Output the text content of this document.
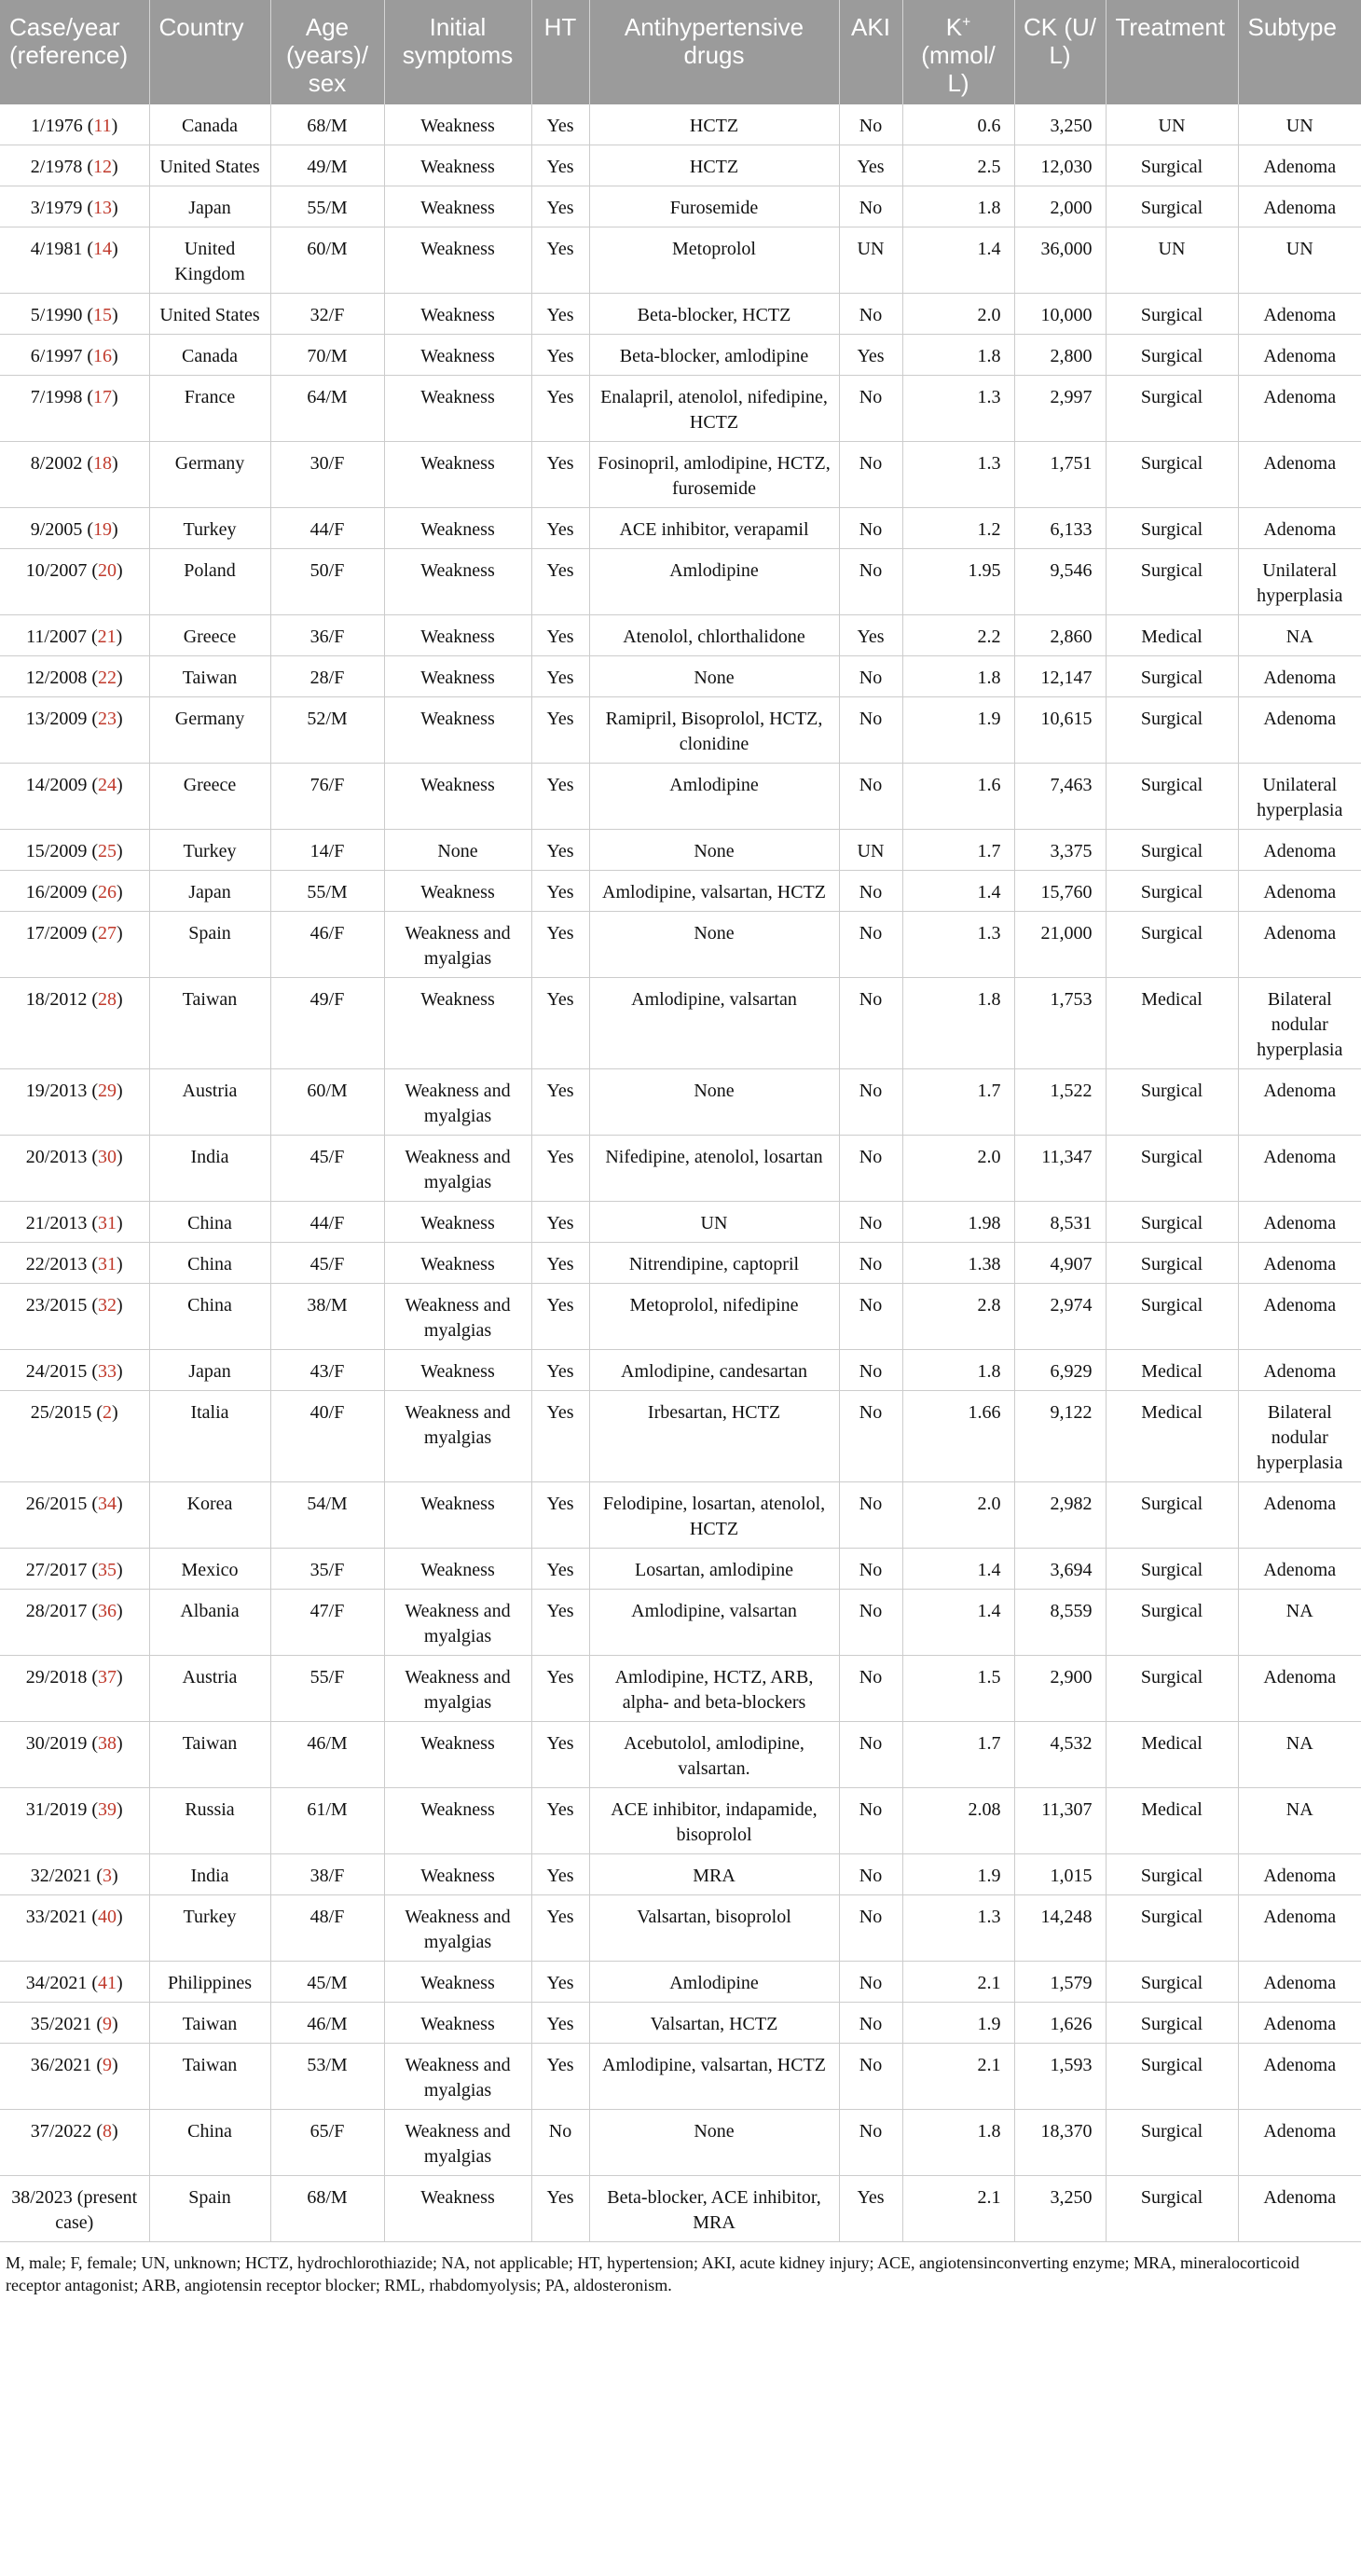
Case/year (reference)	Country	Age (years)/ sex	Initial symptoms	HT	Antihypertensive drugs	AKI	K+ (mmol/ L)	CK (U/ L)	Treatment	Subtype
1/1976 (11)	Canada	68/M	Weakness	Yes	HCTZ	No	0.6	3,250	UN	UN
2/1978 (12)	United States	49/M	Weakness	Yes	HCTZ	Yes	2.5	12,030	Surgical	Adenoma
3/1979 (13)	Japan	55/M	Weakness	Yes	Furosemide	No	1.8	2,000	Surgical	Adenoma
4/1981 (14)	United Kingdom	60/M	Weakness	Yes	Metoprolol	UN	1.4	36,000	UN	UN
5/1990 (15)	United States	32/F	Weakness	Yes	Beta-blocker, HCTZ	No	2.0	10,000	Surgical	Adenoma
6/1997 (16)	Canada	70/M	Weakness	Yes	Beta-blocker, amlodipine	Yes	1.8	2,800	Surgical	Adenoma
7/1998 (17)	France	64/M	Weakness	Yes	Enalapril, atenolol, nifedipine, HCTZ	No	1.3	2,997	Surgical	Adenoma
8/2002 (18)	Germany	30/F	Weakness	Yes	Fosinopril, amlodipine, HCTZ, furosemide	No	1.3	1,751	Surgical	Adenoma
9/2005 (19)	Turkey	44/F	Weakness	Yes	ACE inhibitor, verapamil	No	1.2	6,133	Surgical	Adenoma
10/2007 (20)	Poland	50/F	Weakness	Yes	Amlodipine	No	1.95	9,546	Surgical	Unilateral hyperplasia
11/2007 (21)	Greece	36/F	Weakness	Yes	Atenolol, chlorthalidone	Yes	2.2	2,860	Medical	NA
12/2008 (22)	Taiwan	28/F	Weakness	Yes	None	No	1.8	12,147	Surgical	Adenoma
13/2009 (23)	Germany	52/M	Weakness	Yes	Ramipril, Bisoprolol, HCTZ, clonidine	No	1.9	10,615	Surgical	Adenoma
14/2009 (24)	Greece	76/F	Weakness	Yes	Amlodipine	No	1.6	7,463	Surgical	Unilateral hyperplasia
15/2009 (25)	Turkey	14/F	None	Yes	None	UN	1.7	3,375	Surgical	Adenoma
16/2009 (26)	Japan	55/M	Weakness	Yes	Amlodipine, valsartan, HCTZ	No	1.4	15,760	Surgical	Adenoma
17/2009 (27)	Spain	46/F	Weakness and myalgias	Yes	None	No	1.3	21,000	Surgical	Adenoma
18/2012 (28)	Taiwan	49/F	Weakness	Yes	Amlodipine, valsartan	No	1.8	1,753	Medical	Bilateral nodular hyperplasia
19/2013 (29)	Austria	60/M	Weakness and myalgias	Yes	None	No	1.7	1,522	Surgical	Adenoma
20/2013 (30)	India	45/F	Weakness and myalgias	Yes	Nifedipine, atenolol, losartan	No	2.0	11,347	Surgical	Adenoma
21/2013 (31)	China	44/F	Weakness	Yes	UN	No	1.98	8,531	Surgical	Adenoma
22/2013 (31)	China	45/F	Weakness	Yes	Nitrendipine, captopril	No	1.38	4,907	Surgical	Adenoma
23/2015 (32)	China	38/M	Weakness and myalgias	Yes	Metoprolol, nifedipine	No	2.8	2,974	Surgical	Adenoma
24/2015 (33)	Japan	43/F	Weakness	Yes	Amlodipine, candesartan	No	1.8	6,929	Medical	Adenoma
25/2015 (2)	Italia	40/F	Weakness and myalgias	Yes	Irbesartan, HCTZ	No	1.66	9,122	Medical	Bilateral nodular hyperplasia
26/2015 (34)	Korea	54/M	Weakness	Yes	Felodipine, losartan, atenolol, HCTZ	No	2.0	2,982	Surgical	Adenoma
27/2017 (35)	Mexico	35/F	Weakness	Yes	Losartan, amlodipine	No	1.4	3,694	Surgical	Adenoma
28/2017 (36)	Albania	47/F	Weakness and myalgias	Yes	Amlodipine, valsartan	No	1.4	8,559	Surgical	NA
29/2018 (37)	Austria	55/F	Weakness and myalgias	Yes	Amlodipine, HCTZ, ARB, alpha- and beta-blockers	No	1.5	2,900	Surgical	Adenoma
30/2019 (38)	Taiwan	46/M	Weakness	Yes	Acebutolol, amlodipine, valsartan.	No	1.7	4,532	Medical	NA
31/2019 (39)	Russia	61/M	Weakness	Yes	ACE inhibitor, indapamide, bisoprolol	No	2.08	11,307	Medical	NA
32/2021 (3)	India	38/F	Weakness	Yes	MRA	No	1.9	1,015	Surgical	Adenoma
33/2021 (40)	Turkey	48/F	Weakness and myalgias	Yes	Valsartan, bisoprolol	No	1.3	14,248	Surgical	Adenoma
34/2021 (41)	Philippines	45/M	Weakness	Yes	Amlodipine	No	2.1	1,579	Surgical	Adenoma
35/2021 (9)	Taiwan	46/M	Weakness	Yes	Valsartan, HCTZ	No	1.9	1,626	Surgical	Adenoma
36/2021 (9)	Taiwan	53/M	Weakness and myalgias	Yes	Amlodipine, valsartan, HCTZ	No	2.1	1,593	Surgical	Adenoma
37/2022 (8)	China	65/F	Weakness and myalgias	No	None	No	1.8	18,370	Surgical	Adenoma
38/2023 (present case)	Spain	68/M	Weakness	Yes	Beta-blocker, ACE inhibitor, MRA	Yes	2.1	3,250	Surgical	Adenoma
M, male; F, female; UN, unknown; HCTZ, hydrochlorothiazide; NA, not applicable; HT, hypertension; AKI, acute kidney injury; ACE, angiotensinconverting enzyme; MRA, mineralocorticoid receptor antagonist; ARB, angiotensin receptor blocker; RML, rhabdomyolysis; PA, aldosteronism.
